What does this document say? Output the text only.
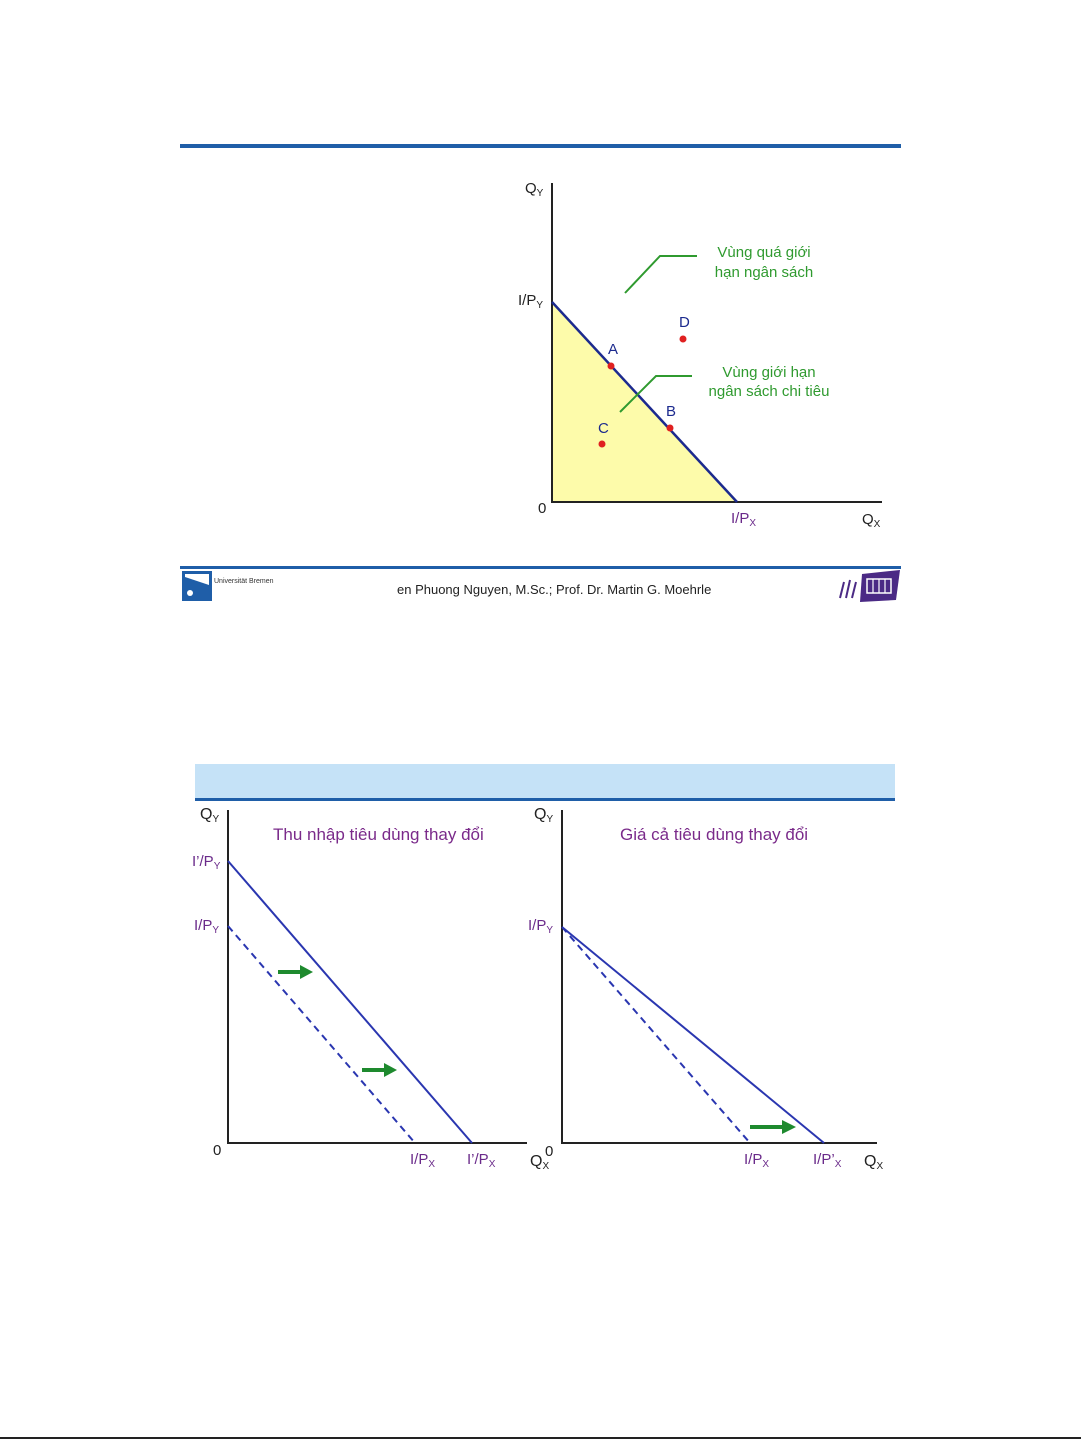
A
B
C
D
$Q_Y$
$Q_X$
0
$I/P_Y$
$I/P_X$
Vùng quá giới
hạn ngân sách
Vùng giới hạn
ngân sách chi tiêu
Universität Bremen
en Phuong Nguyen, M.Sc.; Prof. Dr. Martin G. Moehrle
Thu nhập tiêu dùng thay đổi
QY
0
$I’/P_Y$
$I/P_Y$
$I/P_X$ $I’/P_X$ QX
Giá cả tiêu dùng thay đổi
QY
0
$I/P_Y$
$I/P_X$	$I/P’_X$ QX
